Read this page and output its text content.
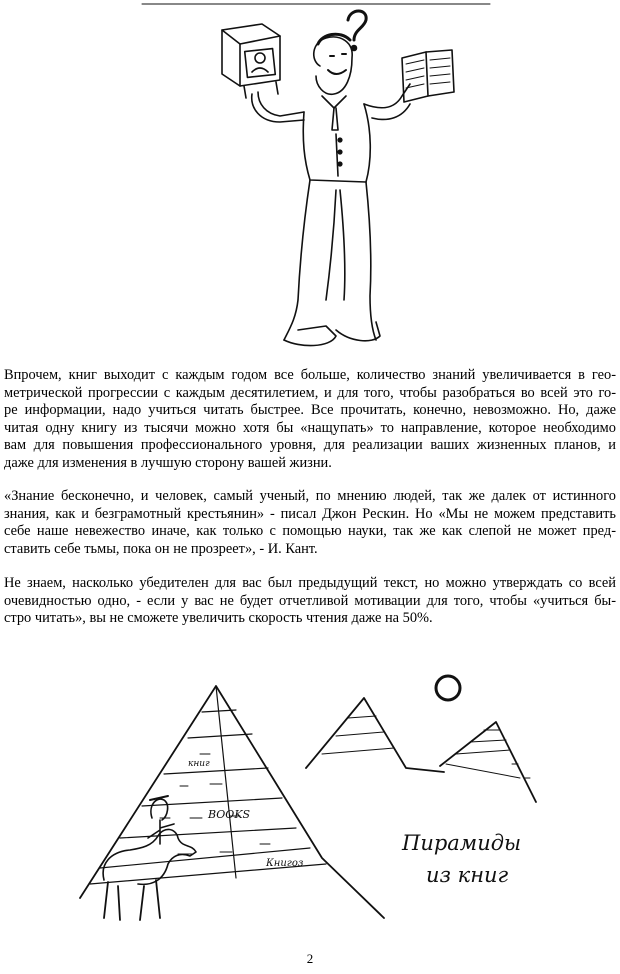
Впрочем, книг выходит с каждым годом все больше, количество знаний увеличивается в гео-
метрической прогрессии с каждым десятилетием, и для того, чтобы разобраться во всей это го-
ре информации, надо учиться читать быстрее. Все прочитать, конечно, невозможно. Но, даже
читая одну книгу из тысячи можно хотя бы «нащупать» то направление, которое необходимо
вам для повышения профессионального уровня, для реализации ваших жизненных планов, и
даже для изменения в лучшую сторону вашей жизни.
«Знание бесконечно, и человек, самый ученый, по мнению людей, так же далек от истинного
знания, как и безграмотный крестьянин» - писал Джон Рескин. Но «Мы не можем представить
себе наше невежество иначе, как только с помощью науки, так же как слепой не может пред-
ставить себе тьмы, пока он не прозреет», - И. Кант.
Не знаем, насколько убедителен для вас был предыдущий текст, но можно утверждать со всей
очевидностью одно, - если у вас не будет отчетливой мотивации для того, чтобы «учиться бы-
стро читать», вы не сможете увеличить скорость чтения даже на 50%.
BOOKS
Книгоз
книг
Пирамиды
из книг
2
